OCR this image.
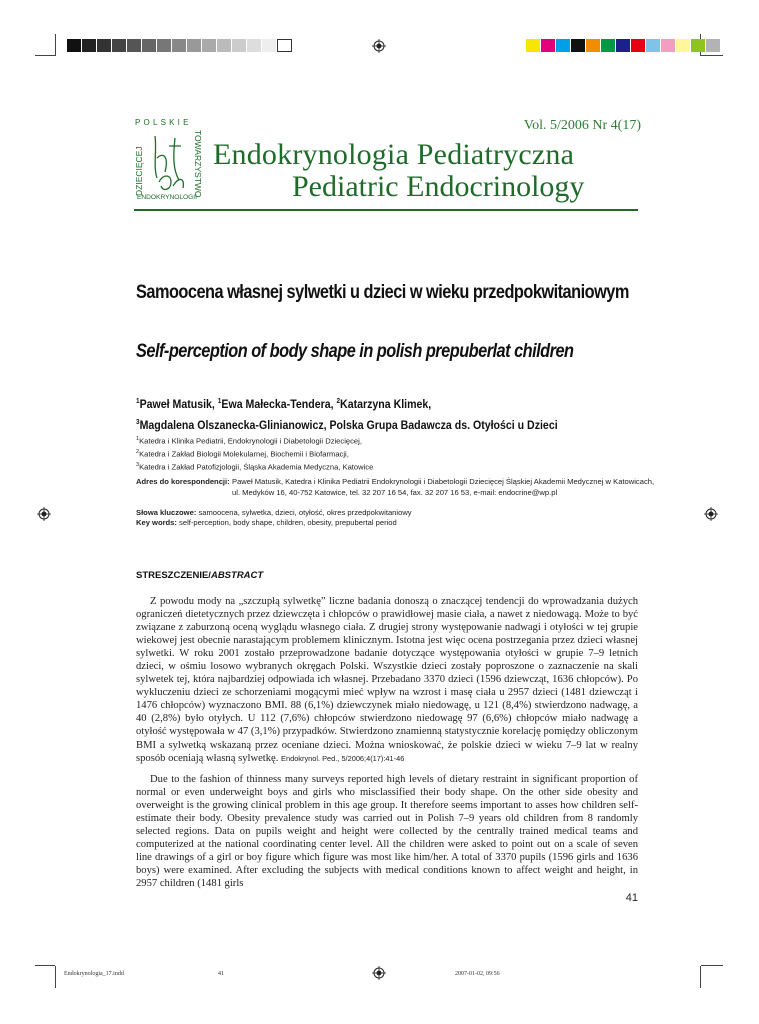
POLSKIE
DZIECIĘCEJ	TOWARZYSTWO
ENDOKRYNOLOGII
Vol. 5/2006 Nr 4(17)
Endokrynologia Pediatryczna
Pediatric Endocrinology
Samoocena własnej sylwetki u dzieci w wieku przedpokwitaniowym
Self-perception of body shape in polish prepuberlat children
$^1$Paweł Matusik, $^1$Ewa Małecka-Tendera, $^2$Katarzyna Klimek,
$^3$Magdalena Olszanecka-Glinianowicz, Polska Grupa Badawcza ds. Otyłości u Dzieci
$^1$Katedra i Klinika Pediatrii, Endokrynologii i Diabetologii Dziecięcej,
$^2$Katedra i Zakład Biologii Molekularnej, Biochemii i Biofarmacji,
$^3$Katedra i Zakład Patofizjologii, Śląska Akademia Medyczna, Katowice
Adres do korespondencji: Paweł Matusik, Katedra i Klinika Pediatrii Endokrynologii i Diabetologii Dziecięcej Śląskiej Akademii Medycznej w Katowicach,
ul. Medyków 16, 40-752 Katowice, tel. 32 207 16 54, fax. 32 207 16 53, e-mail: endocrine@wp.pl
Słowa kluczowe: samoocena, sylwetka, dzieci, otyłość, okres przedpokwitaniowy
Key words: self-perception, body shape, children, obesity, prepubertal period
STRESZCZENIE/ABSTRACT
Z powodu mody na „szczupłą sylwetkę” liczne badania donoszą o znaczącej tendencji do wprowadzania dużych ograniczeń dietetycznych przez dziewczęta i chłopców o prawidłowej masie ciała, a nawet z niedowagą. Może to być związane z zaburzoną oceną wyglądu własnego ciała. Z drugiej strony występowanie nadwagi i otyłości w tej grupie wiekowej jest obecnie narastającym problemem klinicznym. Istotna jest więc ocena postrzegania przez dzieci własnej sylwetki. W roku 2001 zostało przeprowadzone badanie dotyczące występowania otyłości w grupie 7–9 letnich dzieci, w ośmiu losowo wybranych okręgach Polski. Wszystkie dzieci zostały poproszone o zaznaczenie na skali sylwetek tej, która najbardziej odpowiada ich własnej. Przebadano 3370 dzieci (1596 dziewcząt, 1636 chłopców). Po wykluczeniu dzieci ze schorzeniami mogącymi mieć wpływ na wzrost i masę ciała u 2957 dzieci (1481 dziewcząt i 1476 chłopców) wyznaczono BMI. 88 (6,1%) dziewczynek miało niedowagę, u 121 (8,4%) stwierdzono nadwagę, a 40 (2,8%) było otyłych. U 112 (7,6%) chłopców stwierdzono niedowagę 97 (6,6%) chłopców miało nadwagę a otyłość występowała w 47 (3,1%) przypadków. Stwierdzono znamienną statystycznie korelację pomiędzy obliczonym BMI a sylwetką wskazaną przez oceniane dzieci. Można wnioskować, że polskie dzieci w wieku 7–9 lat w realny sposób oceniają własną sylwetkę. Endokrynol. Ped., 5/2006;4(17):41-46
Due to the fashion of thinness many surveys reported high levels of dietary restraint in significant proportion of normal or even underweight boys and girls who misclassified their body shape. On the other side obesity and overweight is the growing clinical problem in this age group. It therefore seems important to asses how children self-estimate their body. Obesity prevalence study was carried out in Polish 7–9 years old children from 8 randomly selected regions. Data on pupils weight and height were collected by the centrally trained medical teams and computerized at the national coordinating center level. All the children were asked to point out on a scale of seven line drawings of a girl or boy figure which figure was most like him/her. A total of 3370 pupils (1596 girls and 1636 boys) were examined. After excluding the subjects with medical conditions known to affect weight and height, in 2957 children (1481 girls
41
Endokrynologia_17.indd	41	2007-01-02, 09:56
